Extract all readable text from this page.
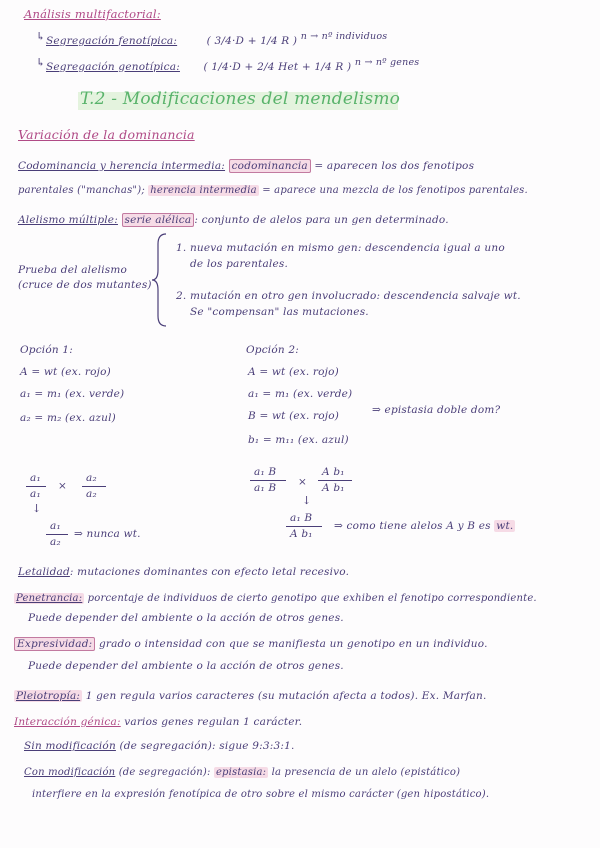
Análisis multifactorial:
↳ Segregación fenotípica:	( 3/4·D + 1/4 R ) $^{n \to nº individuos}$
↳ Segregación genotípica: ( 1/4·D + 2/4 Het + 1/4 R ) $^{n \to nº genes}$
T.2 - Modificaciones del mendelismo
Variación de la dominancia
Codominancia y herencia intermedia: codominancia = aparecen los dos fenotipos
parentales ("manchas"); herencia intermedia = aparece una mezcla de los fenotipos parentales.
Alelismo múltiple: serie alélica : conjunto de alelos para un gen determinado.
Prueba del alelismo
(cruce de dos mutantes)
1. nueva mutación en mismo gen: descendencia igual a uno
de los parentales.
2. mutación en otro gen involucrado: descendencia salvaje wt.
Se "compensan" las mutaciones.
Opción 1:
A = wt (ex. rojo)
a₁ = m₁ (ex. verde)
a₂ = m₂ (ex. azul)
a₁
a₁
×
a₂
a₂
↓
a₁
a₂
⇒ nunca wt.
Opción 2:
A = wt (ex. rojo)
a₁ = m₁ (ex. verde)
B = wt (ex. rojo)
b₁ = m₁₁ (ex. azul)
⇒ epistasia doble dom?
a₁ B
a₁ B ×
A b₁
A b₁
↓
a₁ B
A b₁
⇒ como tiene alelos A y B es wt.
Letalidad: mutaciones dominantes con efecto letal recesivo.
Penetrancia: porcentaje de individuos de cierto genotipo que exhiben el fenotipo correspondiente.
Puede depender del ambiente o la acción de otros genes.
Expresividad: grado o intensidad con que se manifiesta un genotipo en un individuo.
Puede depender del ambiente o la acción de otros genes.
Pleiotropía: 1 gen regula varios caracteres (su mutación afecta a todos). Ex. Marfan.
Interacción génica: varios genes regulan 1 carácter.
Sin modificación (de segregación): sigue 9:3:3:1.
Con modificación (de segregación): epistasia: la presencia de un alelo (epistático)
interfiere en la expresión fenotípica de otro sobre el mismo carácter (gen hipostático).
